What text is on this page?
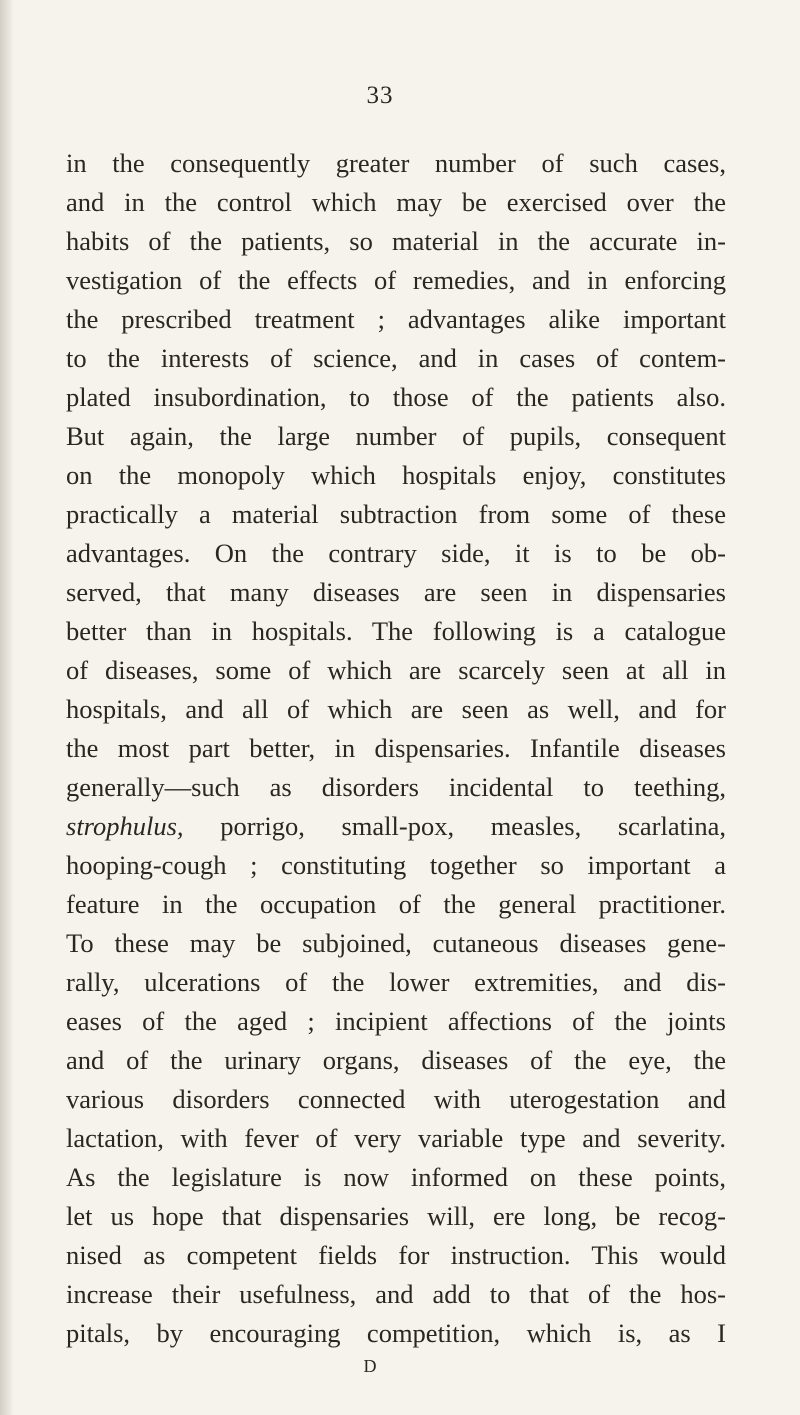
33
in the consequently greater number of such cases,
and in the control which may be exercised over the
habits of the patients, so material in the accurate in-
vestigation of the effects of remedies, and in enforcing
the prescribed treatment ; advantages alike important
to the interests of science, and in cases of contem-
plated insubordination, to those of the patients also.
But again, the large number of pupils, consequent
on the monopoly which hospitals enjoy, constitutes
practically a material subtraction from some of these
advantages. On the contrary side, it is to be ob-
served, that many diseases are seen in dispensaries
better than in hospitals. The following is a catalogue
of diseases, some of which are scarcely seen at all in
hospitals, and all of which are seen as well, and for
the most part better, in dispensaries. Infantile diseases
generally—such as disorders incidental to teething,
strophulus, porrigo, small-pox, measles, scarlatina,
hooping-cough ; constituting together so important a
feature in the occupation of the general practitioner.
To these may be subjoined, cutaneous diseases gene-
rally, ulcerations of the lower extremities, and dis-
eases of the aged ; incipient affections of the joints
and of the urinary organs, diseases of the eye, the
various disorders connected with uterogestation and
lactation, with fever of very variable type and severity.
As the legislature is now informed on these points,
let us hope that dispensaries will, ere long, be recog-
nised as competent fields for instruction. This would
increase their usefulness, and add to that of the hos-
pitals, by encouraging competition, which is, as I
D
